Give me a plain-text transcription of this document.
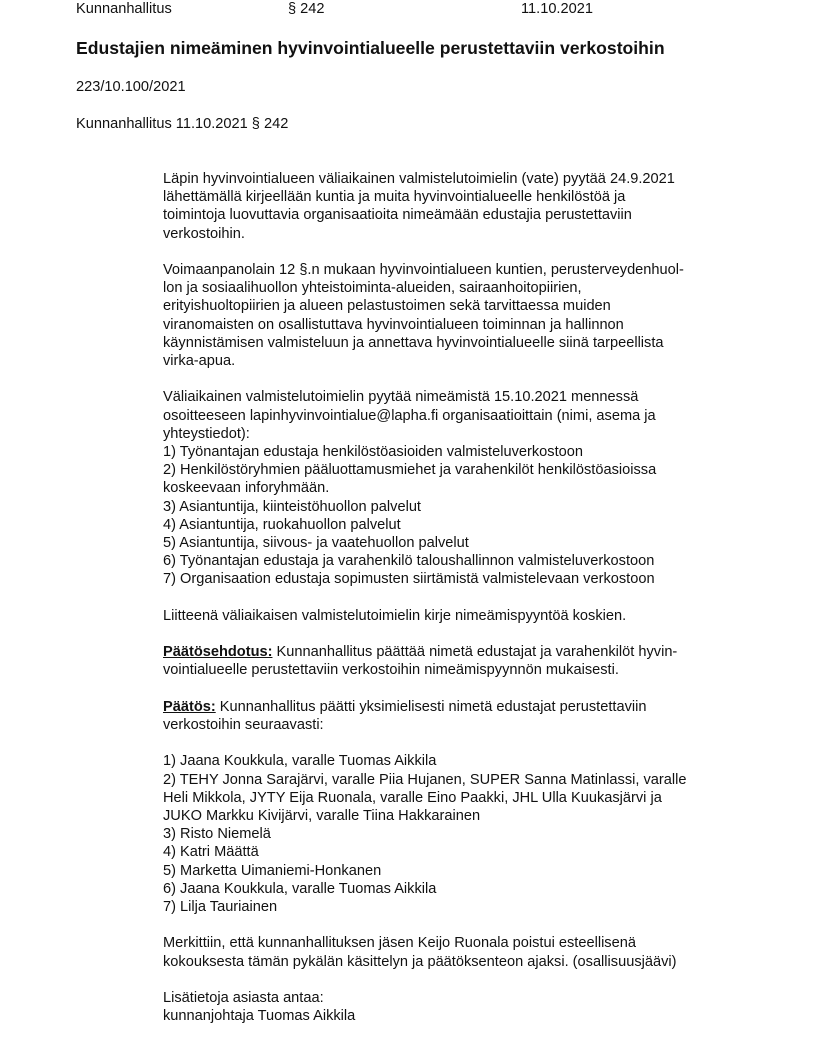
Kunnanhallitus	§ 242	11.10.2021
Edustajien nimeäminen hyvinvointialueelle perustettaviin verkostoihin
223/10.100/2021
Kunnanhallitus 11.10.2021 § 242

Läpin hyvinvointialueen väliaikainen valmistelutoimielin (vate) pyytää 24.9.2021
lähettämällä kirjeellään kuntia ja muita hyvinvointialueelle henkilöstöä ja
toimintoja luovuttavia organisaatioita nimeämään edustajia perustettaviin
verkostoihin.

Voimaanpanolain 12 §.n mukaan hyvinvointialueen kuntien, perusterveydenhuol-
lon ja sosiaalihuollon yhteistoiminta-alueiden, sairaanhoitopiirien,
erityishuoltopiirien ja alueen pelastustoimen sekä tarvittaessa muiden
viranomaisten on osallistuttava hyvinvointialueen toiminnan ja hallinnon
käynnistämisen valmisteluun ja annettava hyvinvointialueelle siinä tarpeellista
virka-apua.

Väliaikainen valmistelutoimielin pyytää nimeämistä 15.10.2021 mennessä
osoitteeseen lapinhyvinvointialue@lapha.fi organisaatioittain (nimi, asema ja
yhteystiedot):
1) Työnantajan edustaja henkilöstöasioiden valmisteluverkostoon
2) Henkilöstöryhmien pääluottamusmiehet ja varahenkilöt henkilöstöasioissa
koskeevaan inforyhmään.
3) Asiantuntija, kiinteistöhuollon palvelut
4) Asiantuntija, ruokahuollon palvelut
5) Asiantuntija, siivous- ja vaatehuollon palvelut
6) Työnantajan edustaja ja varahenkilö taloushallinnon valmisteluverkostoon
7) Organisaation edustaja sopimusten siirtämistä valmistelevaan verkostoon

Liitteenä väliaikaisen valmistelutoimielin kirje nimeämispyyntöä koskien.

Päätösehdotus: Kunnanhallitus päättää nimetä edustajat ja varahenkilöt hyvin-
vointialueelle perustettaviin verkostoihin nimeämispyynnön mukaisesti.

Päätös: Kunnanhallitus päätti yksimielisesti nimetä edustajat perustettaviin
verkostoihin seuraavasti:

1) Jaana Koukkula, varalle Tuomas Aikkila
2) TEHY Jonna Sarajärvi, varalle Piia Hujanen, SUPER Sanna Matinlassi, varalle
Heli Mikkola, JYTY Eija Ruonala, varalle Eino Paakki, JHL Ulla Kuukasjärvi ja
JUKO Markku Kivijärvi, varalle Tiina Hakkarainen
3) Risto Niemelä
4) Katri Määttä
5) Marketta Uimaniemi-Honkanen
6) Jaana Koukkula, varalle Tuomas Aikkila
7) Lilja Tauriainen

Merkittiin, että kunnanhallituksen jäsen Keijo Ruonala poistui esteellisenä
kokouksesta tämän pykälän käsittelyn ja päätöksenteon ajaksi. (osallisuusjäävi)

Lisätietoja asiasta antaa:
kunnanjohtaja Tuomas Aikkila
